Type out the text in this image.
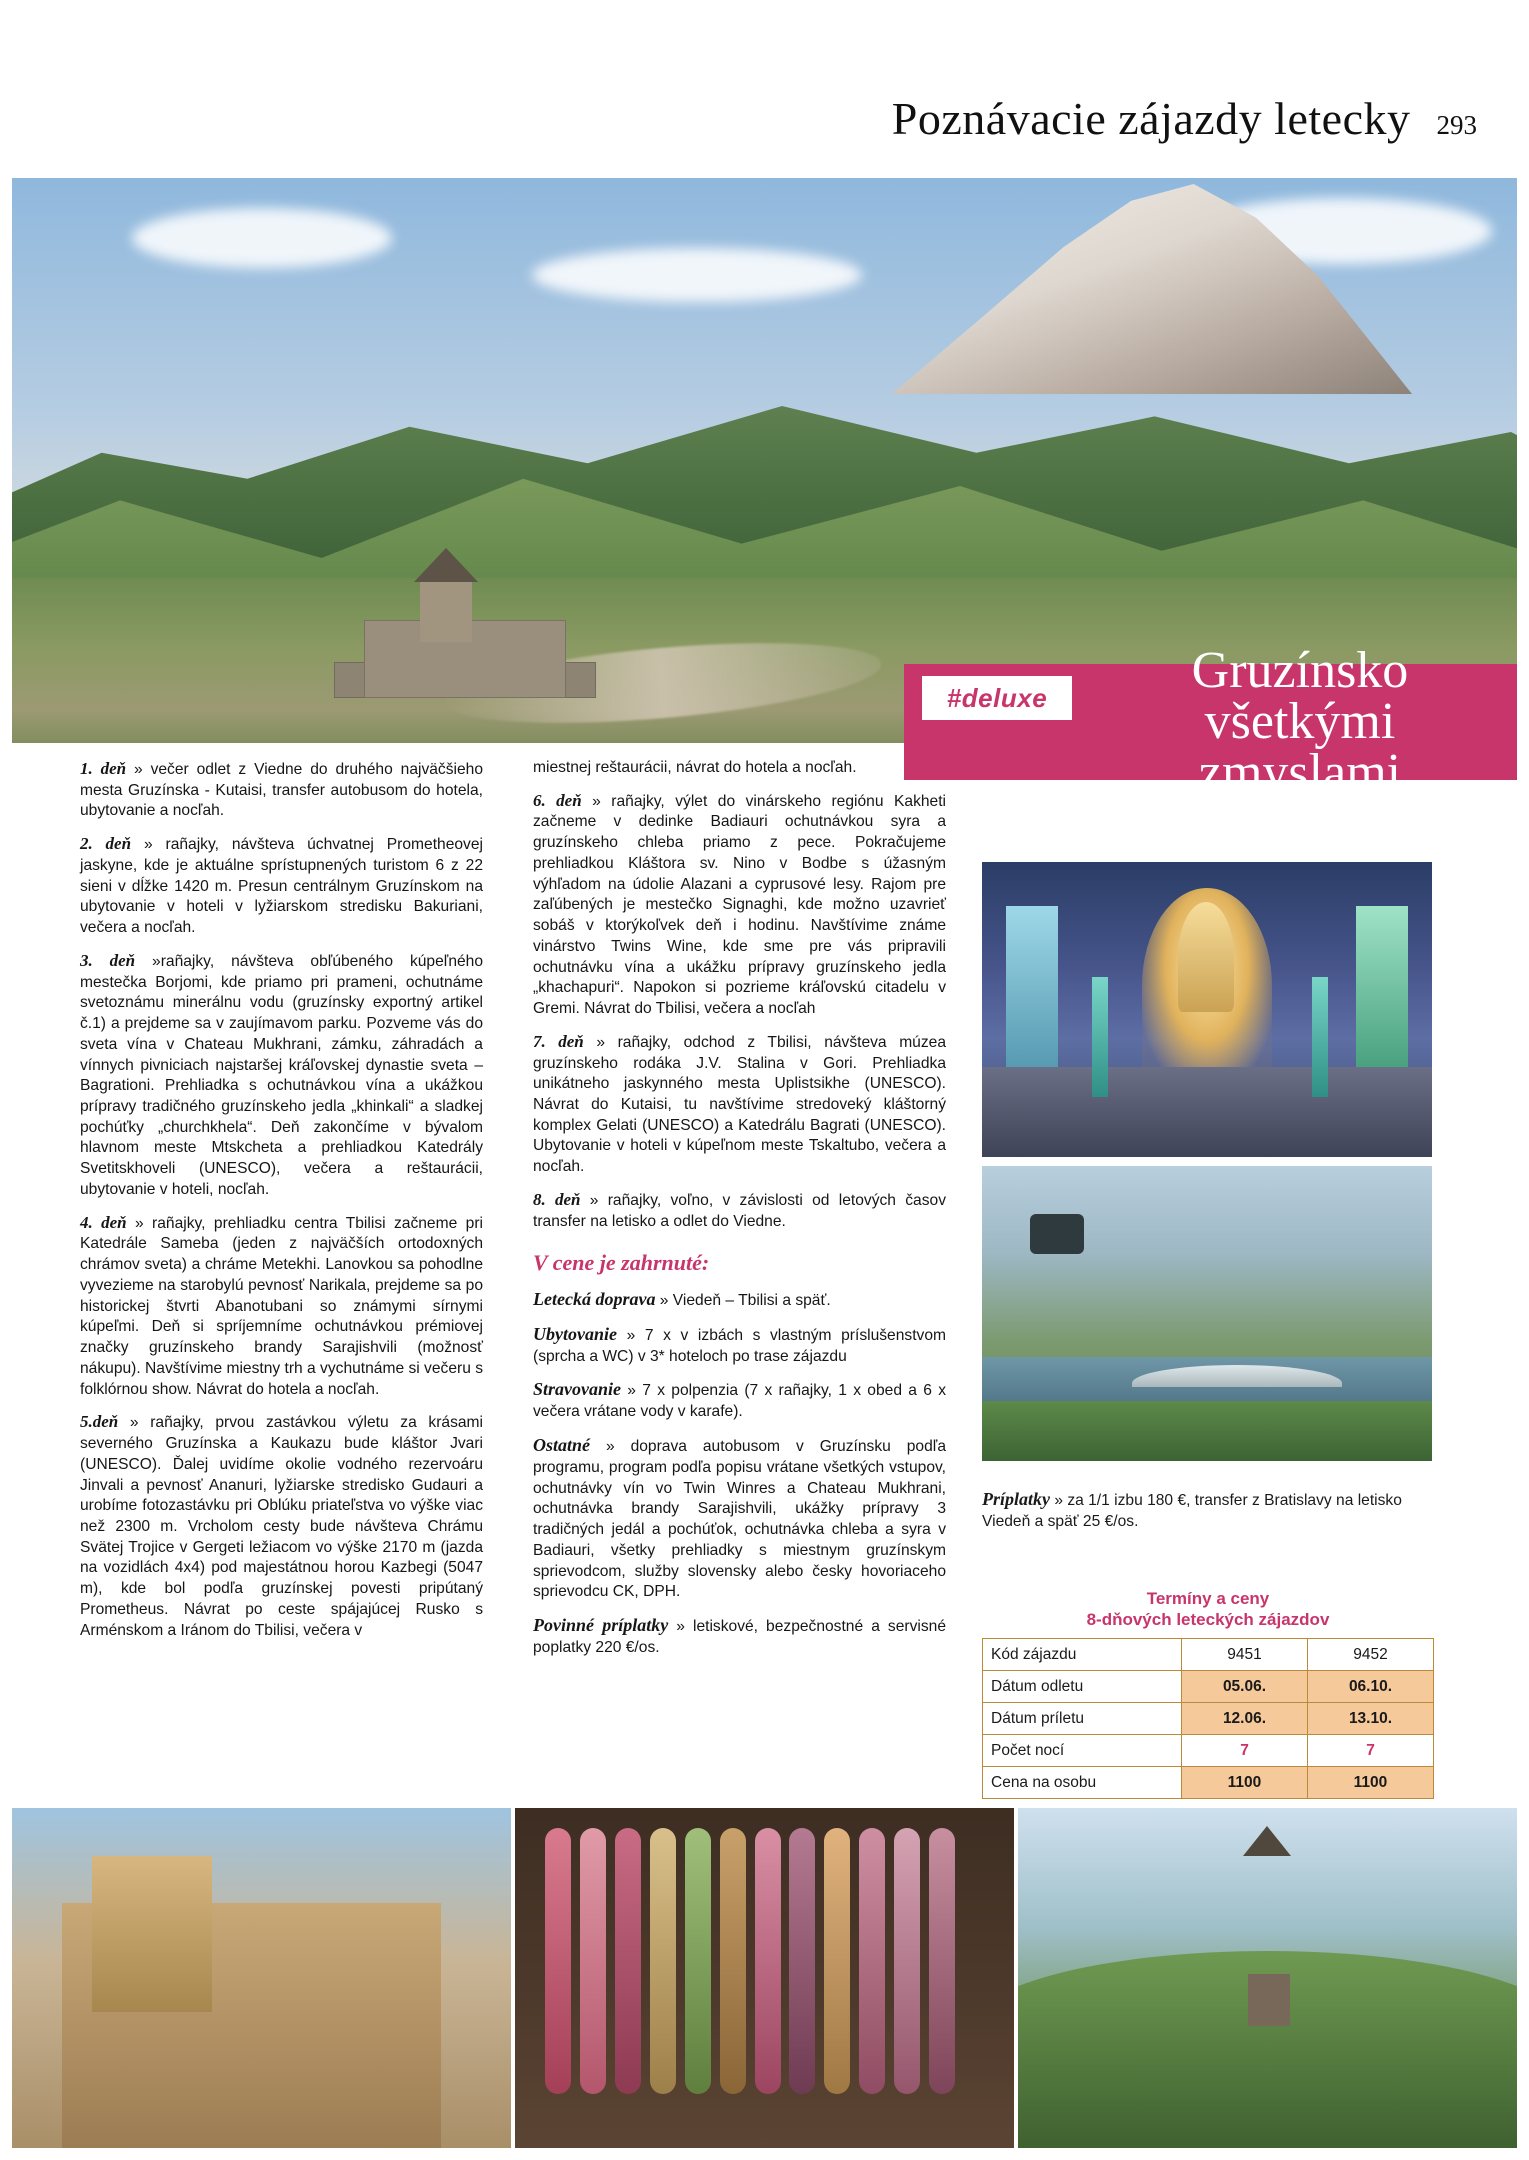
Poznávacie zájazdy letecky 293
#deluxe	Gruzínsko
všetkými
zmyslami

1. deň » večer odlet z Viedne do druhého najväčšieho mesta Gruzínska - Kutaisi, transfer autobusom do hotela, ubytovanie a nocľah.

2. deň » rañajky, návšteva úchvatnej Prometheovej jaskyne, kde je aktuálne sprístupnených turistom 6 z 22 sieni v dĺžke 1420 m. Presun centrálnym Gruzínskom na ubytovanie v hoteli v lyžiarskom stredisku Bakuriani, večera a nocľah.

3. deň »rañajky, návšteva obľúbeného kúpeľného mestečka Borjomi, kde priamo pri prameni, ochutnáme svetoznámu minerálnu vodu (gruzínsky exportný artikel č.1) a prejdeme sa v zaujímavom parku. Pozveme vás do sveta vína v Chateau Mukhrani, zámku, záhradách a vínnych pivniciach najstaršej kráľovskej dynastie sveta – Bagrationi. Prehliadka s ochutnávkou vína a ukážkou prípravy tradičného gruzínskeho jedla „khinkali“ a sladkej pochúťky „churchkhela“. Deň zakončíme v bývalom hlavnom meste Mtskcheta a prehliadkou Katedrály Svetitskhoveli (UNESCO), večera a reštaurácii, ubytovanie v hoteli, nocľah.

4. deň » rañajky, prehliadku centra Tbilisi začneme pri Katedrále Sameba (jeden z najväčších ortodoxných chrámov sveta) a chráme Metekhi. Lanovkou sa pohodlne vyvezieme na starobylú pevnosť Narikala, prejdeme sa po historickej štvrti Abanotubani so známymi sírnymi kúpeľmi. Deň si spríjemníme ochutnávkou prémiovej značky gruzínskeho brandy Sarajishvili (možnosť nákupu). Navštívime miestny trh a vychutnáme si večeru s folklórnou show. Návrat do hotela a nocľah.

5.deň » rañajky, prvou zastávkou výletu za krásami severného Gruzínska a Kaukazu bude kláštor Jvari (UNESCO). Ďalej uvidíme okolie vodného rezervoáru Jinvali a pevnosť Ananuri, lyžiarske stredisko Gudauri a urobíme fotozastávku pri Oblúku priateľstva vo výške viac než 2300 m. Vrcholom cesty bude návšteva Chrámu Svätej Trojice v Gergeti ležiacom vo výške 2170 m (jazda na vozidlách 4x4) pod majestátnou horou Kazbegi (5047 m), kde bol podľa gruzínskej povesti pripútaný Prometheus. Návrat po ceste spájajúcej Rusko s Arménskom a Iránom do Tbilisi, večera v

miestnej reštaurácii, návrat do hotela a nocľah.

6. deň » rañajky, výlet do vinárskeho regiónu Kakheti začneme v dedinke Badiauri ochutnávkou syra a gruzínskeho chleba priamo z pece. Pokračujeme prehliadkou Kláštora sv. Nino v Bodbe s úžasným výhľadom na údolie Alazani a cyprusové lesy. Rajom pre zaľúbených je mestečko Signaghi, kde možno uzavrieť sobáš v ktorýkoľvek deň i hodinu. Navštívime známe vinárstvo Twins Wine, kde sme pre vás pripravili ochutnávku vína a ukážku prípravy gruzínskeho jedla „khachapuri“. Napokon si pozrieme kráľovskú citadelu v Gremi. Návrat do Tbilisi, večera a nocľah

7. deň » rañajky, odchod z Tbilisi, návšteva múzea gruzínskeho rodáka J.V. Stalina v Gori. Prehliadka unikátneho jaskynného mesta Uplistsikhe (UNESCO). Návrat do Kutaisi, tu navštívime stredoveký kláštorný komplex Gelati (UNESCO) a Katedrálu Bagrati (UNESCO). Ubytovanie v hoteli v kúpeľnom meste Tskaltubo, večera a nocľah.

8. deň » rañajky, voľno, v závislosti od letových časov transfer na letisko a odlet do Viedne.

V cene je zahrnuté:

Letecká doprava » Viedeň – Tbilisi a späť.

Ubytovanie » 7 x v izbách s vlastným príslušenstvom (sprcha a WC) v 3* hoteloch po trase zájazdu

Stravovanie » 7 x polpenzia (7 x rañajky, 1 x obed a 6 x večera vrátane vody v karafe).

Ostatné » doprava autobusom v Gruzínsku podľa programu, program podľa popisu vrátane všetkých vstupov, ochutnávky vín vo Twin Winres a Chateau Mukhrani, ochutnávka brandy Sarajishvili, ukážky prípravy 3 tradičných jedál a pochúťok, ochutnávka chleba a syra v Badiauri, všetky prehliadky s miestnym gruzínskym sprievodcom, služby slovensky alebo česky hovoriaceho sprievodcu CK, DPH.

Povinné príplatky » letiskové, bezpečnostné a servisné poplatky 220 €/os.

Príplatky » za 1/1 izbu 180 €, transfer z Bratislavy na letisko Viedeň a späť 25 €/os.
Termíny a ceny
8-dňových leteckých zájazdov
Kód zájazdu	9451	9452
Dátum odletu	05.06.	06.10.
Dátum príletu	12.06.	13.10.
Počet nocí	7	7
Cena na osobu	1100	1100
